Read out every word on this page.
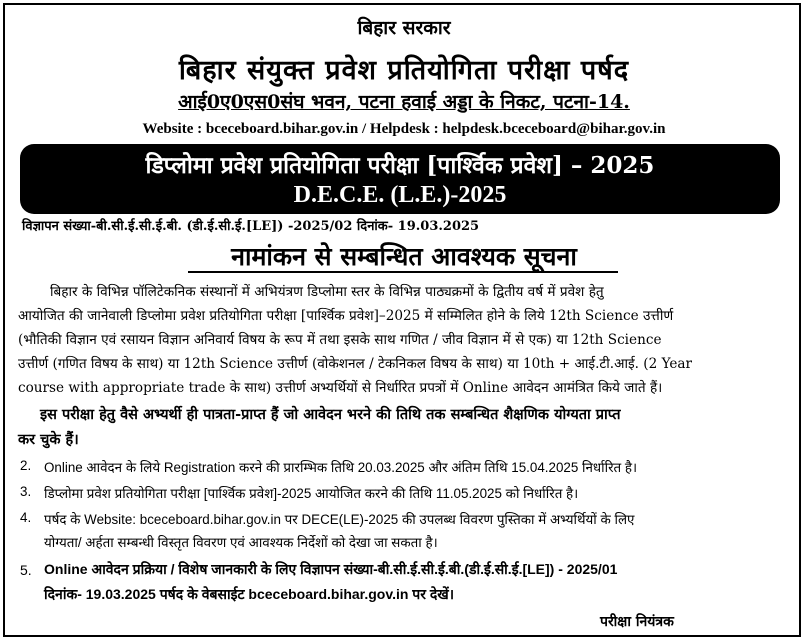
बिहार सरकार
बिहार संयुक्त प्रवेश प्रतियोगिता परीक्षा पर्षद
आई0ए0एस0संघ भवन, पटना हवाई अड्डा के निकट, पटना-14.
Website : bceceboard.bihar.gov.in / Helpdesk : helpdesk.bceceboard@bihar.gov.in
डिप्लोमा प्रवेश प्रतियोगिता परीक्षा [पार्श्विक प्रवेश] – 2025
D.E.C.E. (L.E.)-2025
विज्ञापन संख्या-बी.सी.ई.सी.ई.बी. (डी.ई.सी.ई.[LE]) -2025/02 दिनांक- 19.03.2025
नामांकन से सम्बन्धित आवश्यक सूचना
बिहार के विभिन्न पॉलिटेकनिक संस्थानों में अभियंत्रण डिप्लोमा स्तर के विभिन्न पाठ्यक्रमों के द्वितीय वर्ष में प्रवेश हेतु
आयोजित की जानेवाली डिप्लोमा प्रवेश प्रतियोगिता परीक्षा [पार्श्विक प्रवेश]–2025 में सम्मिलित होने के लिये 12th Science उत्तीर्ण
(भौतिकी विज्ञान एवं रसायन विज्ञान अनिवार्य विषय के रूप में तथा इसके साथ गणित / जीव विज्ञान में से एक) या 12th Science
उत्तीर्ण (गणित विषय के साथ) या 12th Science उत्तीर्ण (वोकेशनल / टेकनिकल विषय के साथ) या 10th + आई.टी.आई. (2 Year
course with appropriate trade के साथ) उत्तीर्ण अभ्यर्थियों से निर्धारित प्रपत्रों में Online आवेदन आमंत्रित किये जाते हैं।
इस परीक्षा हेतु वैसे अभ्यर्थी ही पात्रता-प्राप्त हैं जो आवेदन भरने की तिथि तक सम्बन्धित शैक्षणिक योग्यता प्राप्त
कर चुके हैं।
2. Online आवेदन के लिये Registration करने की प्रारम्भिक तिथि 20.03.2025 और अंतिम तिथि 15.04.2025 निर्धारित है।
3. डिप्लोमा प्रवेश प्रतियोगिता परीक्षा [पार्श्विक प्रवेश]-2025 आयोजित करने की तिथि 11.05.2025 को निर्धारित है।
4. पर्षद के Website: bceceboard.bihar.gov.in पर DECE(LE)-2025 की उपलब्ध विवरण पुस्तिका में अभ्यर्थियों के लिए
योग्यता/ अर्हता सम्बन्धी विस्तृत विवरण एवं आवश्यक निर्देशों को देखा जा सकता है।
5. Online आवेदन प्रक्रिया / विशेष जानकारी के लिए विज्ञापन संख्या-बी.सी.ई.सी.ई.बी.(डी.ई.सी.ई.[LE]) - 2025/01
दिनांक- 19.03.2025 पर्षद के वेबसाईट bceceboard.bihar.gov.in पर देखें।
परीक्षा नियंत्रक
